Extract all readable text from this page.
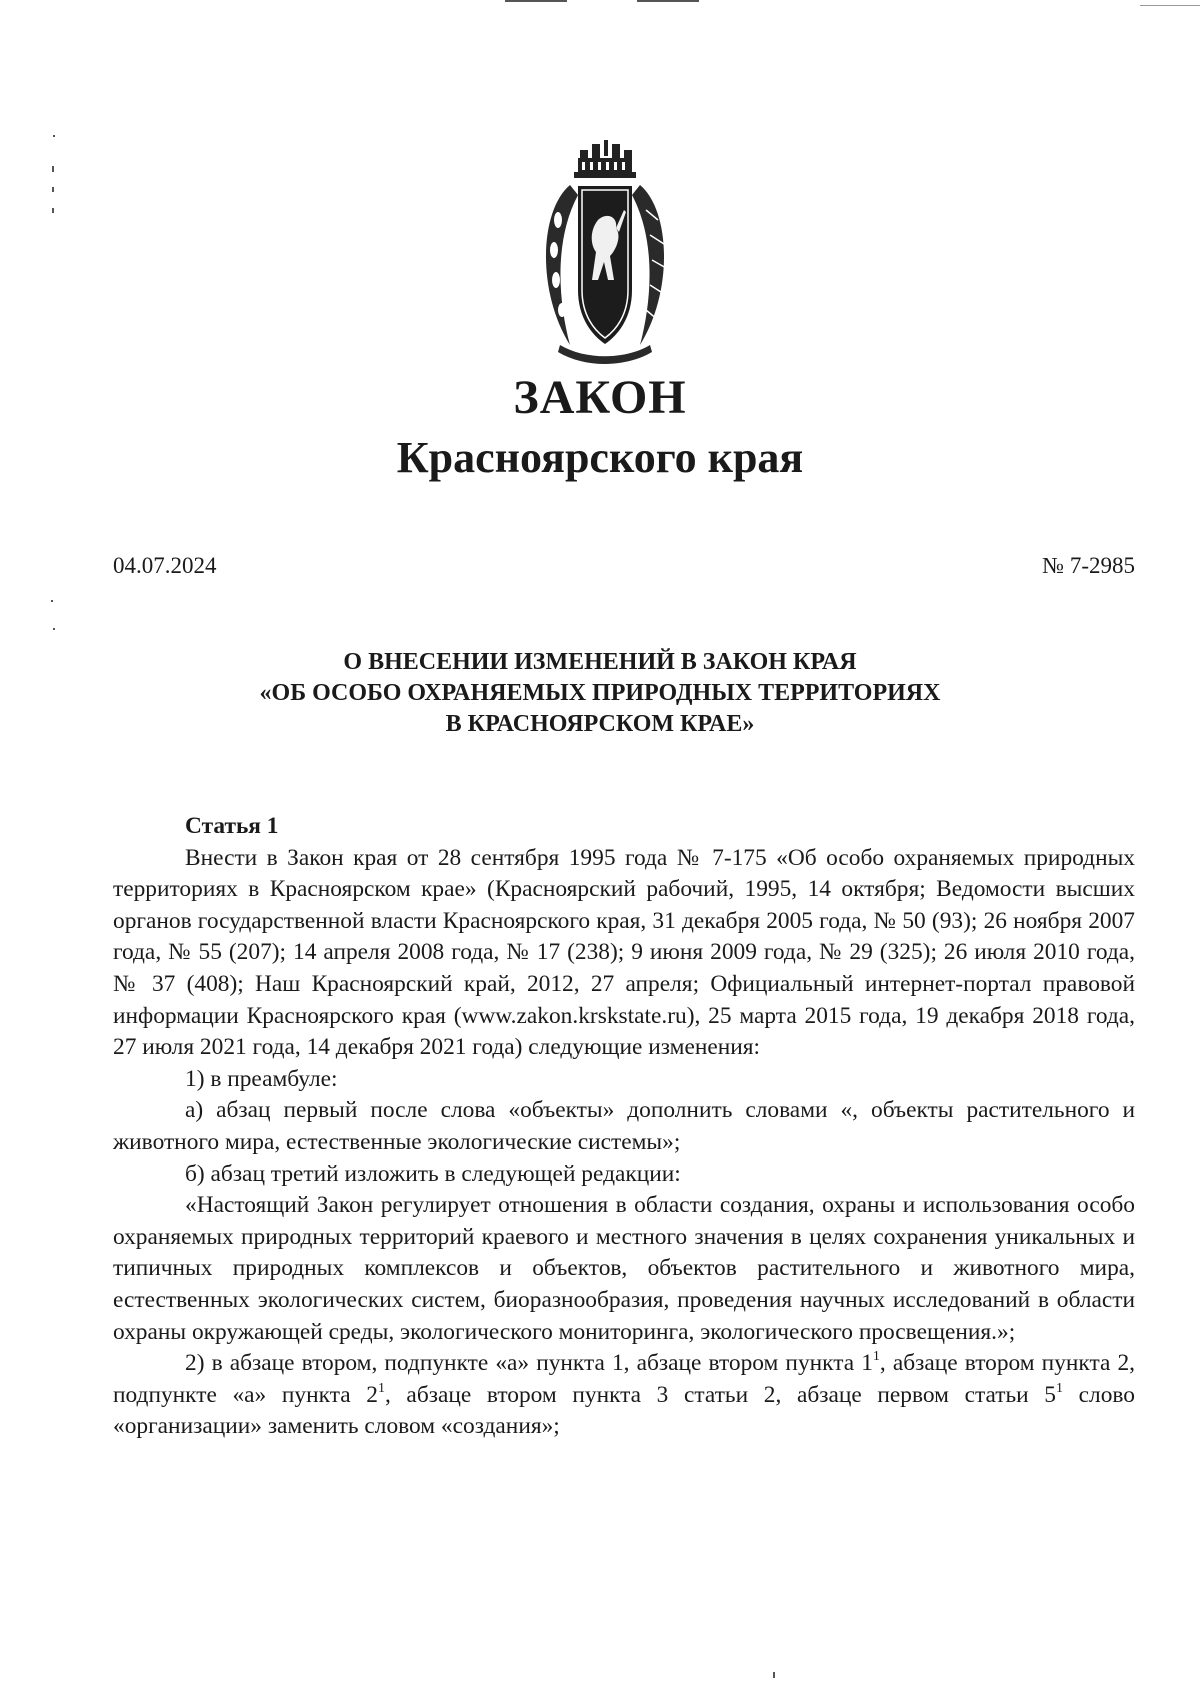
ЗАКОН
Красноярского края
04.07.2024	№ 7-2985
О ВНЕСЕНИИ ИЗМЕНЕНИЙ В ЗАКОН КРАЯ
«ОБ ОСОБО ОХРАНЯЕМЫХ ПРИРОДНЫХ ТЕРРИТОРИЯХ
В КРАСНОЯРСКОМ КРАЕ»

Статья 1

Внести в Закон края от 28 сентября 1995 года № 7-175 «Об особо охраняемых природных территориях в Красноярском крае» (Красноярский рабочий, 1995, 14 октября; Ведомости высших органов государственной власти Красноярского края, 31 декабря 2005 года, № 50 (93); 26 ноября 2007 года, № 55 (207); 14 апреля 2008 года, № 17 (238); 9 июня 2009 года, № 29 (325); 26 июля 2010 года, № 37 (408); Наш Красноярский край, 2012, 27 апреля; Официальный интернет-портал правовой информации Красноярского края (www.zakon.krskstate.ru), 25 марта 2015 года, 19 декабря 2018 года, 27 июля 2021 года, 14 декабря 2021 года) следующие изменения:

1) в преамбуле:

а) абзац первый после слова «объекты» дополнить словами «, объекты растительного и животного мира, естественные экологические системы»;

б) абзац третий изложить в следующей редакции:

«Настоящий Закон регулирует отношения в области создания, охраны и использования особо охраняемых природных территорий краевого и местного значения в целях сохранения уникальных и типичных природных комплексов и объектов, объектов растительного и животного мира, естественных экологических систем, биоразнообразия, проведения научных исследований в области охраны окружающей среды, экологического мониторинга, экологического просвещения.»;

2) в абзаце втором, подпункте «а» пункта 1, абзаце втором пункта $1^1$, абзаце втором пункта 2, подпункте «а» пункта $2^1$, абзаце втором пункта 3 статьи 2, абзаце первом статьи $5^1$ слово «организации» заменить словом «создания»;
